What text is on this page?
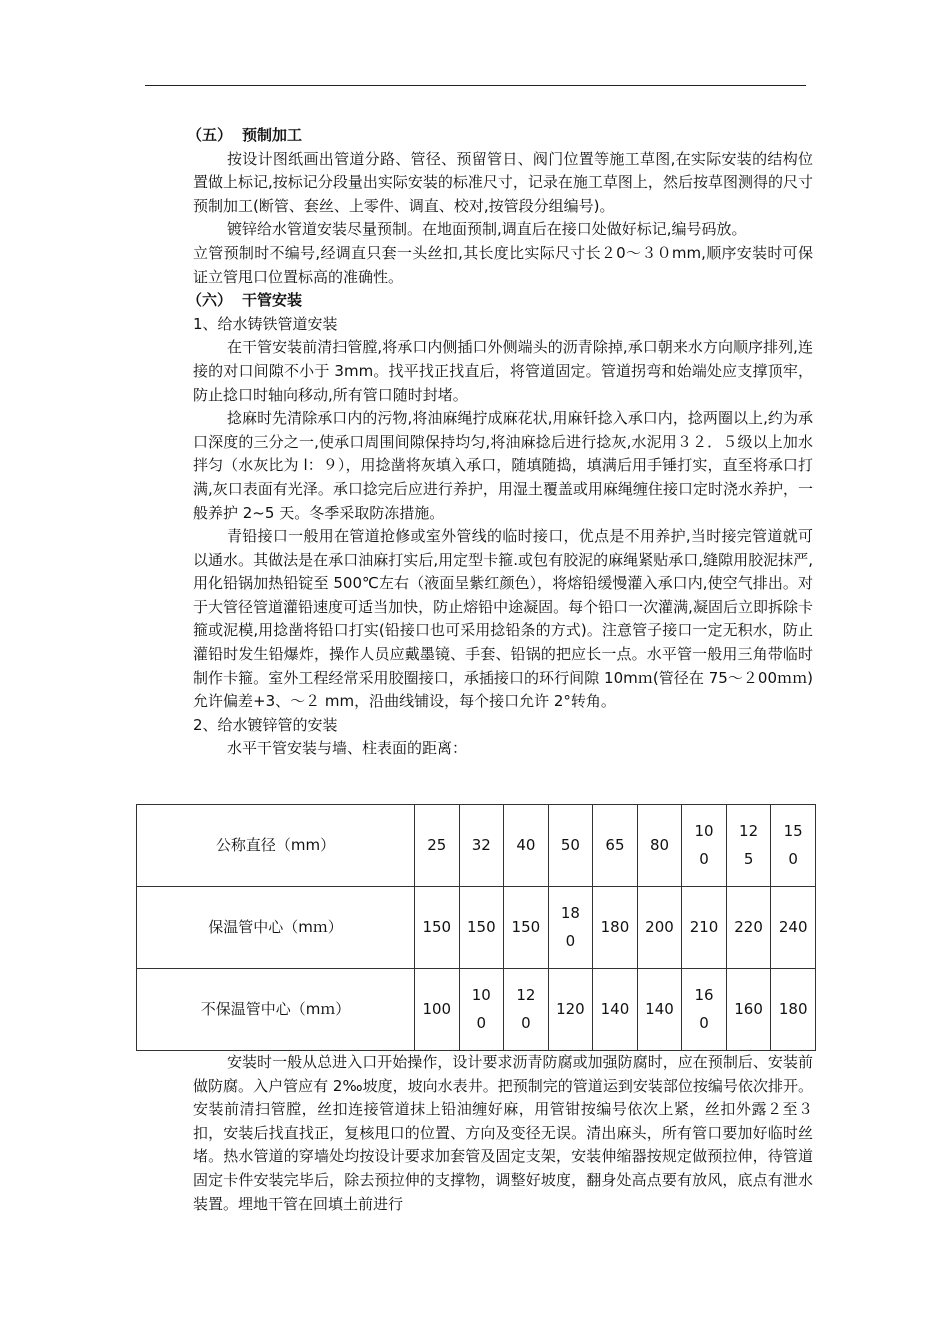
（五） 预制加工

按设计图纸画出管道分路、管径、预留管日、阀门位置等施工草图,在实际安装的结构位置做上标记,按标记分段量出实际安装的标准尺寸，记录在施工草图上，然后按草图测得的尺寸预制加工(断管、套丝、上零件、调直、校对,按管段分组编号)。

镀锌给水管道安装尽量预制。在地面预制,调直后在接口处做好标记,编号码放。

立管预制时不编号,经调直只套一头丝扣,其长度比实际尺寸长２0～３０mm,顺序安装时可保证立管甩口位置标高的准确性。

（六） 干管安装

1、给水铸铁管道安装

在干管安装前清扫管膛,将承口内侧插口外侧端头的沥青除掉,承口朝来水方向顺序排列,连接的对口间隙不小于 3mm。找平找正找直后，将管道固定。管道拐弯和始端处应支撑顶牢，防止捻口时轴向移动,所有管口随时封堵。

捻麻时先清除承口内的污物,将油麻绳拧成麻花状,用麻钎捻入承口内，捻两圈以上,约为承口深度的三分之一,使承口周围间隙保持均匀,将油麻捻后进行捻灰,水泥用３２．５级以上加水拌匀（水灰比为 l：９），用捻凿将灰填入承口，随填随捣，填满后用手锤打实，直至将承口打满,灰口表面有光泽。承口捻完后应进行养护，用湿土覆盖或用麻绳缠住接口定时浇水养护，一般养护 2~5 天。冬季采取防冻措施。

青铅接口一般用在管道抢修或室外管线的临时接口，优点是不用养护,当时接完管道就可以通水。其做法是在承口油麻打实后,用定型卡箍.或包有胶泥的麻绳紧贴承口,缝隙用胶泥抹严,用化铅锅加热铅锭至 500℃左右（液面呈紫红颜色），将熔铅缓慢灌入承口内,使空气排出。对于大管径管道灌铅速度可适当加快，防止熔铅中途凝固。每个铅口一次灌满,凝固后立即拆除卡箍或泥模,用捻凿将铅口打实(铅接口也可采用捻铅条的方式)。注意管子接口一定无积水，防止灌铅时发生铅爆炸，操作人员应戴墨镜、手套、铅锅的把应长一点。水平管一般用三角带临时制作卡箍。室外工程经常采用胶圈接口，承插接口的环行间隙 10mｍ(管径在 75～２00ｍｍ)允许偏差+3、～２ mm，沿曲线铺设，每个接口允许 2°转角。

2、给水镀锌管的安装

水平干管安装与墙、柱表面的距离：

公称直径（mm）	25	32	40	50	65	80	100	125	150
保温管中心（mｍ）	150	150	150	180	180	200	210	220	240
不保温管中心（mｍ）	100	100	120	120	140	140	160	160	180

安装时一般从总进入口开始操作，设计要求沥青防腐或加强防腐时，应在预制后、安装前做防腐。入户管应有 2‰坡度，坡向水表井。把预制完的管道运到安装部位按编号依次排开。安装前清扫管膛，丝扣连接管道抹上铅油缠好麻，用管钳按编号依次上紧，丝扣外露２至３扣，安装后找直找正，复核甩口的位置、方向及变径无误。清出麻头，所有管口要加好临时丝堵。热水管道的穿墙处均按设计要求加套管及固定支架，安装伸缩器按规定做预拉伸，待管道固定卡件安装完毕后，除去预拉伸的支撑物，调整好坡度，翻身处高点要有放风，底点有泄水装置。埋地干管在回填土前进行
